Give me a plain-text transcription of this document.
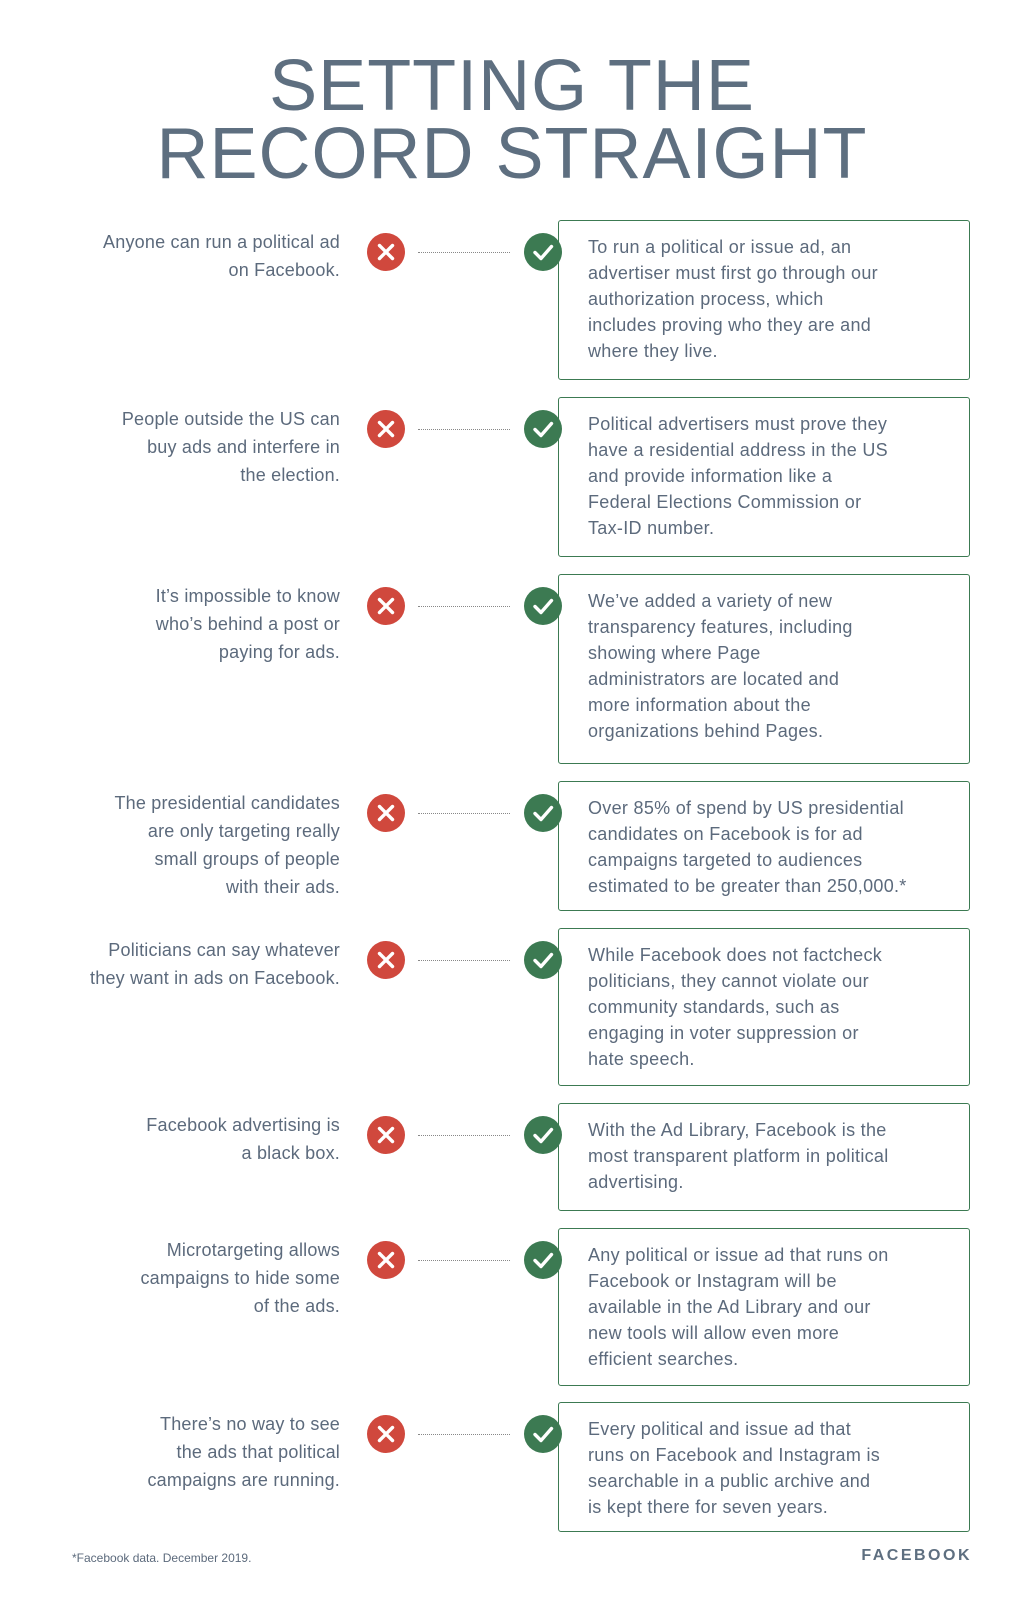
SETTING THE
RECORD STRAIGHT
Anyone can run a political ad
on Facebook.
To run a political or issue ad, an
advertiser must first go through our
authorization process, which
includes proving who they are and
where they live.
People outside the US can
buy ads and interfere in
the election.
Political advertisers must prove they
have a residential address in the US
and provide information like a
Federal Elections Commission or
Tax-ID number.
It’s impossible to know
who’s behind a post or
paying for ads.
We’ve added a variety of new
transparency features, including
showing where Page
administrators are located and
more information about the
organizations behind Pages.
The presidential candidates
are only targeting really
small groups of people
with their ads.
Over 85% of spend by US presidential
candidates on Facebook is for ad
campaigns targeted to audiences
estimated to be greater than 250,000.*
Politicians can say whatever
they want in ads on Facebook.
While Facebook does not factcheck
politicians, they cannot violate our
community standards, such as
engaging in voter suppression or
hate speech.
Facebook advertising is
a black box.
With the Ad Library, Facebook is the
most transparent platform in political
advertising.
Microtargeting allows
campaigns to hide some
of the ads.
Any political or issue ad that runs on
Facebook or Instagram will be
available in the Ad Library and our
new tools will allow even more
efficient searches.
There’s no way to see
the ads that political
campaigns are running.
Every political and issue ad that
runs on Facebook and Instagram is
searchable in a public archive and
is kept there for seven years.
*Facebook data. December 2019.	FACEBOOK
